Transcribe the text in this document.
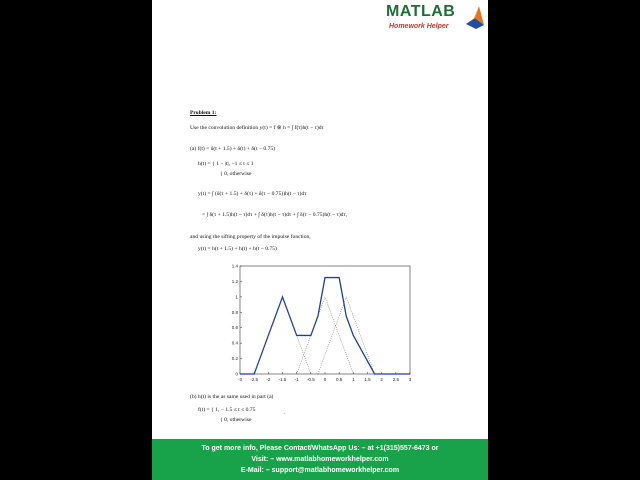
MATLAB
Homework Helper
Problem 1:
Use the convolution definition y(t) = f ⊗ h = ∫ f(τ)h(t − τ)dτ
(a) f(t) = δ(t + 1.5) + δ(t) + δ(t − 0.75)
h(t) = { 1 − |t|, −1 ≤ t ≤ 1
{ 0, otherwise
y(t) = ∫ (δ(τ + 1.5) + δ(τ) + δ(τ − 0.75))h(t − τ)dτ
= ∫ δ(τ + 1.5)h(t − τ)dτ + ∫ δ(τ)h(t − τ)dτ + ∫ δ(τ − 0.75)h(t − τ)dτ,
and using the sifting property of the impulse function,
y(t) = h(t + 1.5) + h(t) + h(t − 0.75)
(b) h(t) is the as same used in part (a)
f(t) = { 1, − 1.5 ≤ t ≤ 0.75
{ 0, otherwise
.
-3 -2.5 -2 -1.5 -1 -0.5 0 0.5 1 1.5 2 2.5 3
0
0.2
0.4
0.6
0.8
1
1.2
1.4
To get more info, Please Contact/WhatsApp Us: – at +1(315)557-6473 or
Visit: – www.matlabhomeworkhelper.com
E-Mail: – support@matlabhomeworkhelper.com
